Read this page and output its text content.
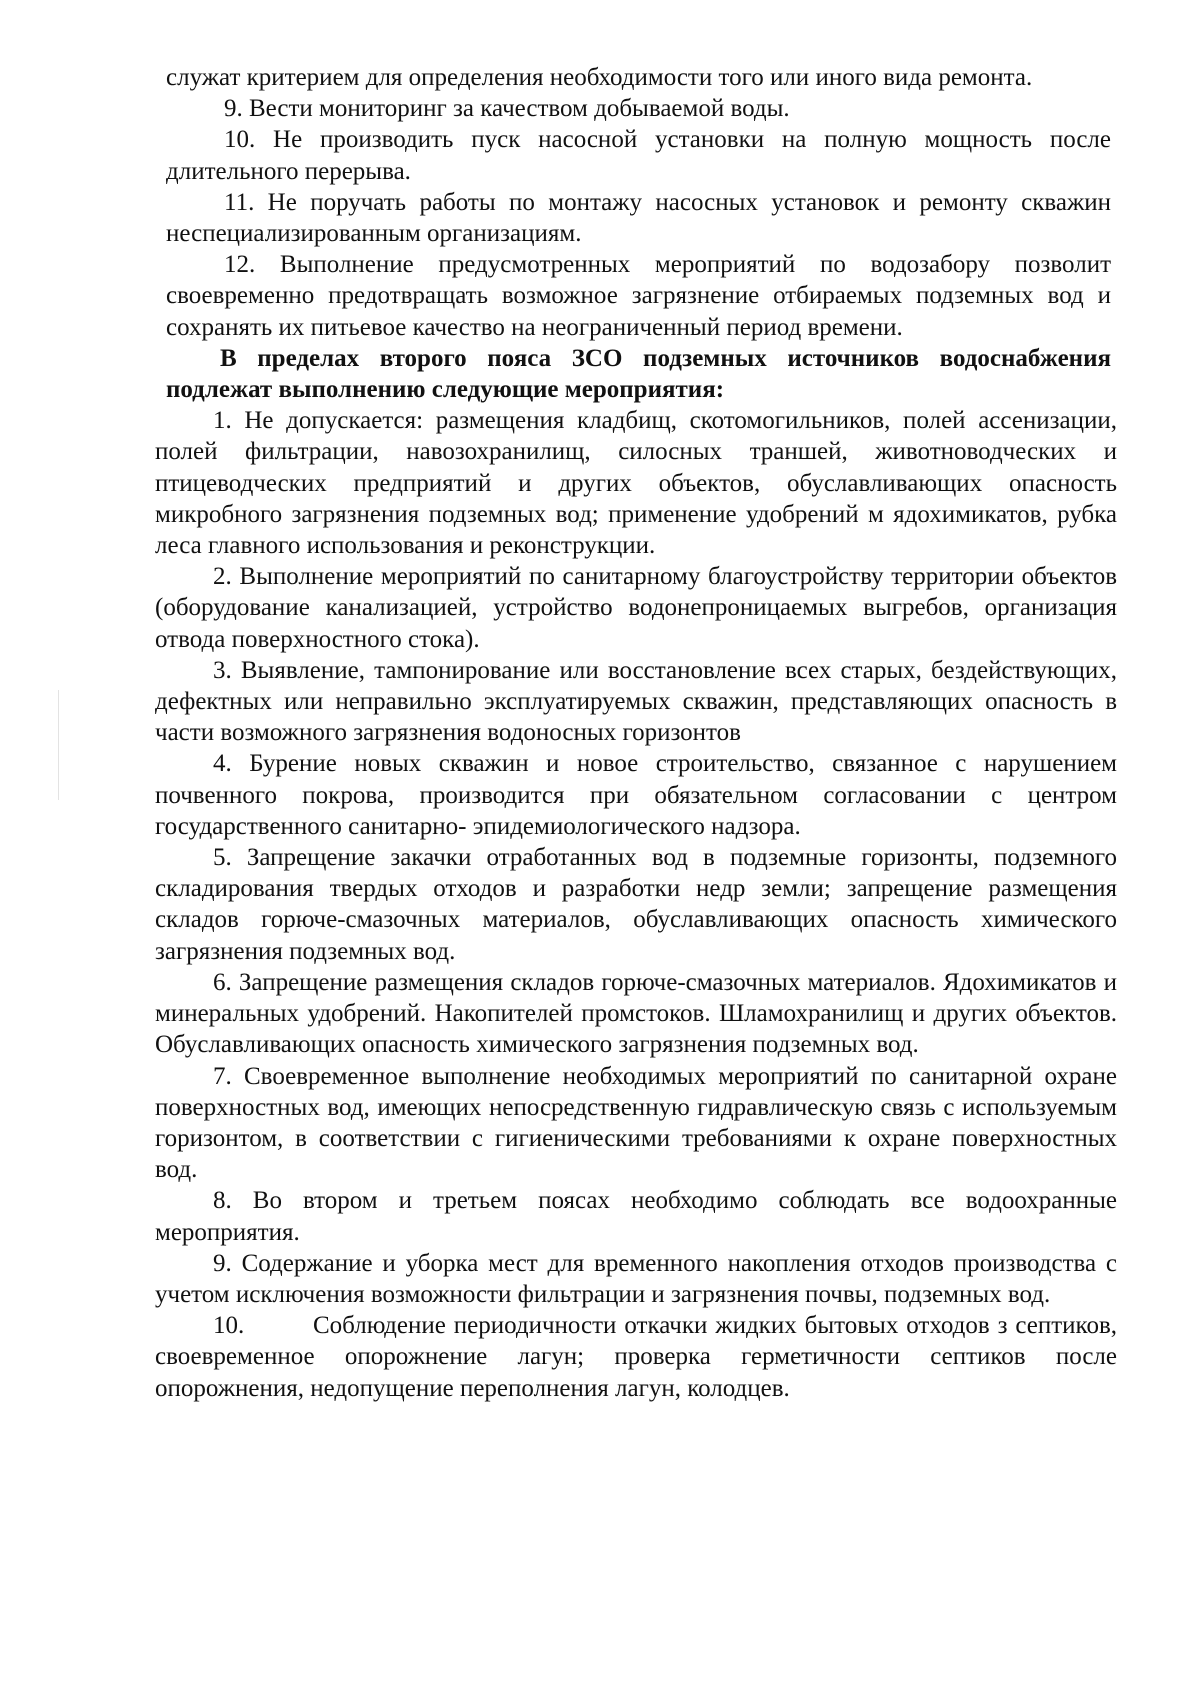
служат критерием для определения необходимости того или иного вида ремонта.

9. Вести мониторинг за качеством добываемой воды.

10. Не производить пуск насосной установки на полную мощность после длительного перерыва.

11. Не поручать работы по монтажу насосных установок и ремонту скважин неспециализированным организациям.

12. Выполнение предусмотренных мероприятий по водозабору позволит своевременно предотвращать возможное загрязнение отбираемых подземных вод и сохранять их питьевое качество на неограниченный период времени.

В пределах второго пояса ЗСО подземных источников водоснабжения подлежат выполнению следующие мероприятия:

1. Не допускается: размещения кладбищ, скотомогильников, полей ассенизации, полей фильтрации, навозохранилищ, силосных траншей, животноводческих и птицеводческих предприятий и других объектов, обуславливающих опасность микробного загрязнения подземных вод; применение удобрений м ядохимикатов, рубка леса главного использования и реконструкции.

2. Выполнение мероприятий по санитарному благоустройству территории объектов (оборудование канализацией, устройство водонепроницаемых выгребов, организация отвода поверхностного стока).

3. Выявление, тампонирование или восстановление всех старых, бездействующих, дефектных или неправильно эксплуатируемых скважин, представляющих опасность в части возможного загрязнения водоносных горизонтов

4. Бурение новых скважин и новое строительство, связанное с нарушением почвенного покрова, производится при обязательном согласовании с центром государственного санитарно- эпидемиологического надзора.

5. Запрещение закачки отработанных вод в подземные горизонты, подземного складирования твердых отходов и разработки недр земли; запрещение размещения складов горюче-смазочных материалов, обуславливающих опасность химического загрязнения подземных вод.

6. Запрещение размещения складов горюче-смазочных материалов. Ядохимикатов и минеральных удобрений. Накопителей промстоков. Шламохранилищ и других объектов. Обуславливающих опасность химического загрязнения подземных вод.

7. Своевременное выполнение необходимых мероприятий по санитарной охране поверхностных вод, имеющих непосредственную гидравлическую связь с используемым горизонтом, в соответствии с гигиеническими требованиями к охране поверхностных вод.

8. Во втором и третьем поясах необходимо соблюдать все водоохранные мероприятия.

9. Содержание и уборка мест для временного накопления отходов производства с учетом исключения возможности фильтрации и загрязнения почвы, подземных вод.

10.	Соблюдение периодичности откачки жидких бытовых отходов з септиков, своевременное опорожнение лагун; проверка герметичности септиков после опорожнения, недопущение переполнения лагун, колодцев.
